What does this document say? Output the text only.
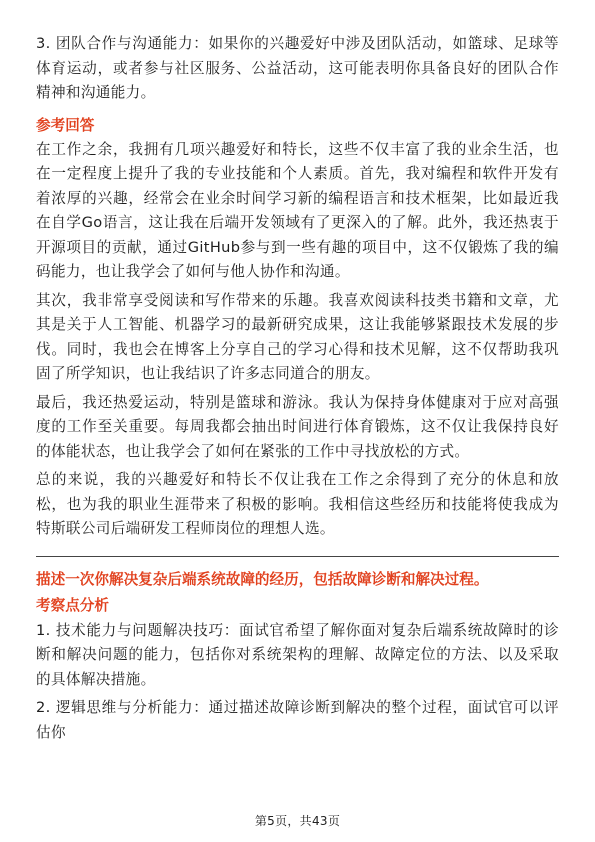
3. 团队合作与沟通能力：如果你的兴趣爱好中涉及团队活动，如篮球、足球等体育运动，或者参与社区服务、公益活动，这可能表明你具备良好的团队合作精神和沟通能力。

参考回答

在工作之余，我拥有几项兴趣爱好和特长，这些不仅丰富了我的业余生活，也在一定程度上提升了我的专业技能和个人素质。首先，我对编程和软件开发有着浓厚的兴趣，经常会在业余时间学习新的编程语言和技术框架，比如最近我在自学Go语言，这让我在后端开发领域有了更深入的了解。此外，我还热衷于开源项目的贡献，通过GitHub参与到一些有趣的项目中，这不仅锻炼了我的编码能力，也让我学会了如何与他人协作和沟通。

其次，我非常享受阅读和写作带来的乐趣。我喜欢阅读科技类书籍和文章，尤其是关于人工智能、机器学习的最新研究成果，这让我能够紧跟技术发展的步伐。同时，我也会在博客上分享自己的学习心得和技术见解，这不仅帮助我巩固了所学知识，也让我结识了许多志同道合的朋友。

最后，我还热爱运动，特别是篮球和游泳。我认为保持身体健康对于应对高强度的工作至关重要。每周我都会抽出时间进行体育锻炼，这不仅让我保持良好的体能状态，也让我学会了如何在紧张的工作中寻找放松的方式。

总的来说，我的兴趣爱好和特长不仅让我在工作之余得到了充分的休息和放松，也为我的职业生涯带来了积极的影响。我相信这些经历和技能将使我成为特斯联公司后端研发工程师岗位的理想人选。

描述一次你解决复杂后端系统故障的经历，包括故障诊断和解决过程。
考察点分析

1. 技术能力与问题解决技巧：面试官希望了解你面对复杂后端系统故障时的诊断和解决问题的能力，包括你对系统架构的理解、故障定位的方法、以及采取的具体解决措施。

2. 逻辑思维与分析能力：通过描述故障诊断到解决的整个过程，面试官可以评估你

第5页，共43页
